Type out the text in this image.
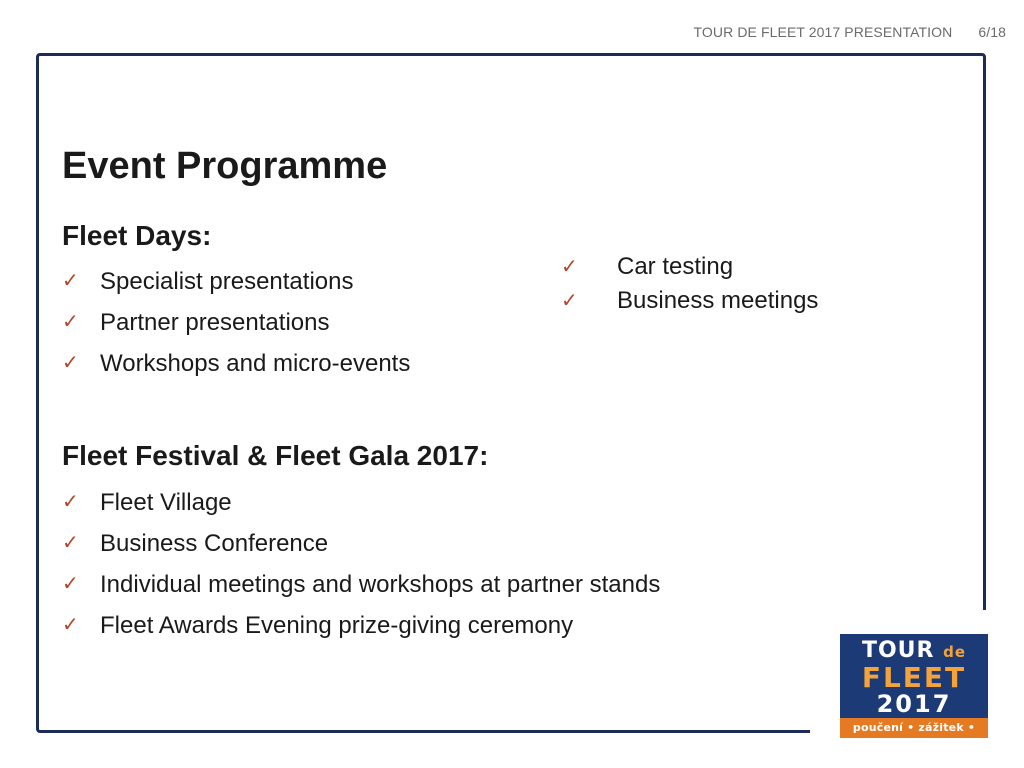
TOUR DE FLEET 2017 PRESENTATION 6/18
Event Programme
Fleet Days:
✓ Specialist presentations
✓ Partner presentations
✓ Workshops and micro-events
✓ Car testing
✓ Business meetings
Fleet Festival & Fleet Gala 2017:
✓ Fleet Village
✓ Business Conference
✓ Individual meetings and workshops at partner stands
✓ Fleet Awards Evening prize-giving ceremony
TOUR de
FLEET
2017
poučení • zážitek • byznys
